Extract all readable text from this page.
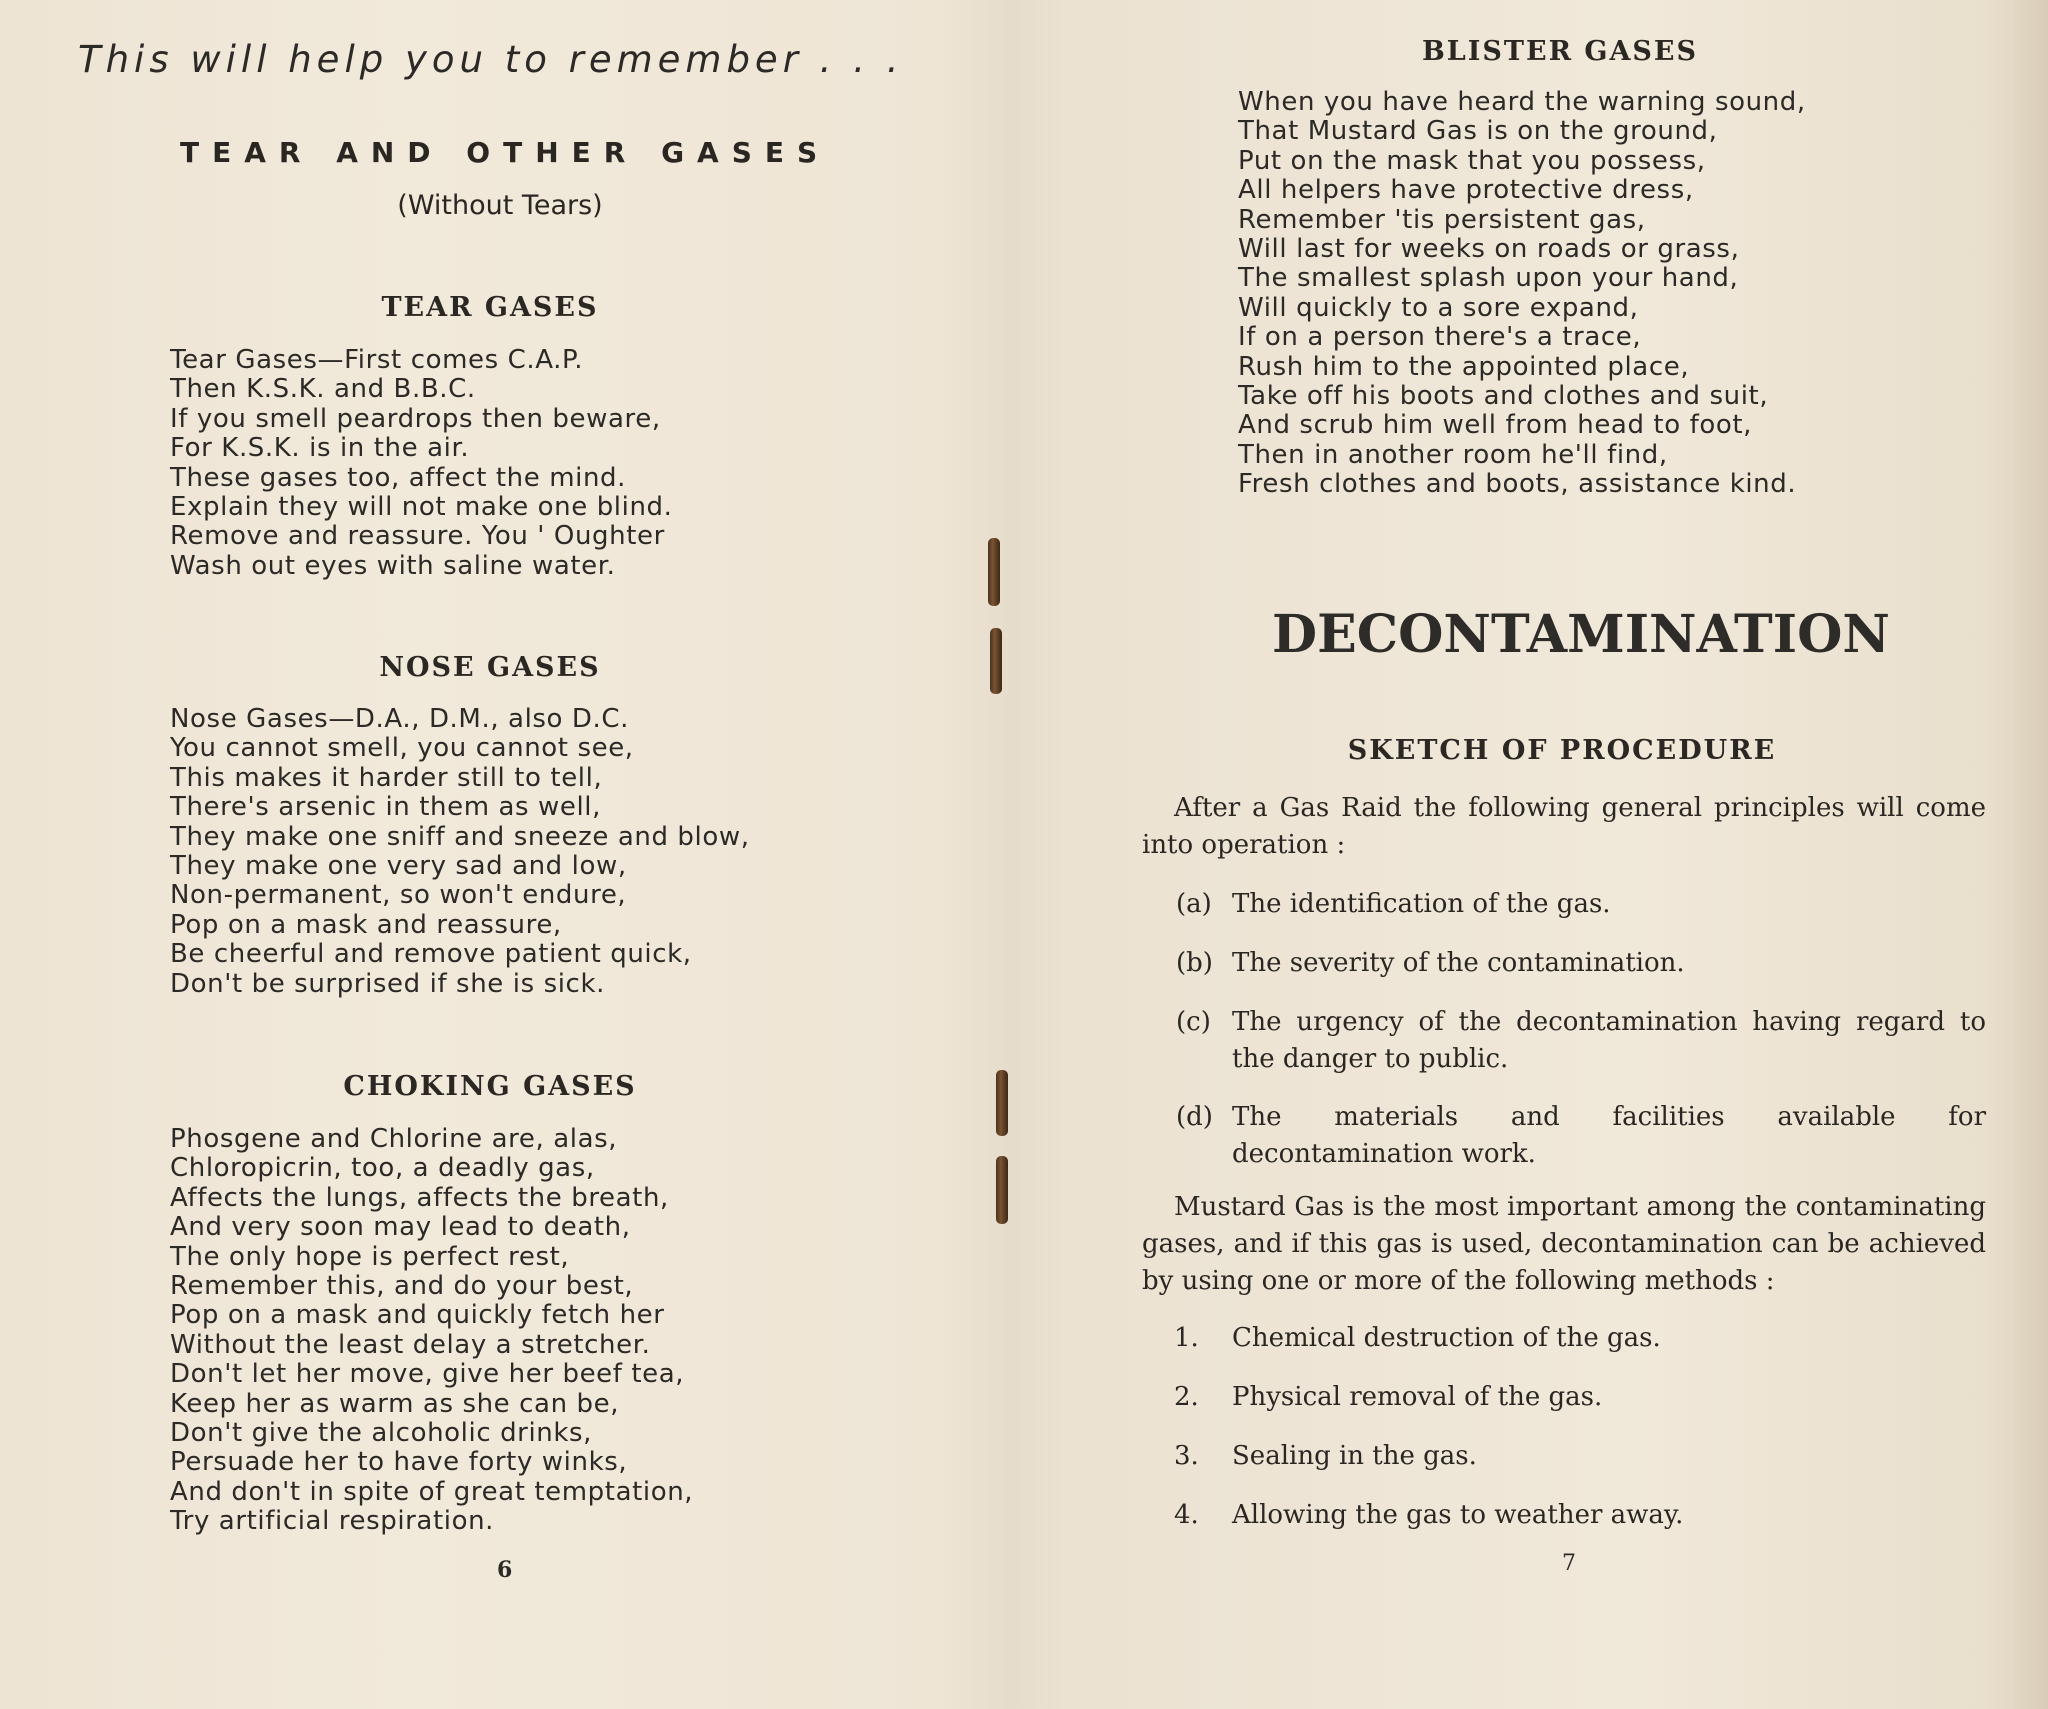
This will help you to remember . . .
TEAR AND OTHER GASES

(Without Tears)

TEAR GASES
Tear Gases—First comes C.A.P.
Then K.S.K. and B.B.C.
If you smell peardrops then beware,
For K.S.K. is in the air.
These gases too, affect the mind.
Explain they will not make one blind.
Remove and reassure. You ' Oughter
Wash out eyes with saline water.
NOSE GASES
Nose Gases—D.A., D.M., also D.C.
You cannot smell, you cannot see,
This makes it harder still to tell,
There's arsenic in them as well,
They make one sniff and sneeze and blow,
They make one very sad and low,
Non-permanent, so won't endure,
Pop on a mask and reassure,
Be cheerful and remove patient quick,
Don't be surprised if she is sick.
CHOKING GASES
Phosgene and Chlorine are, alas,
Chloropicrin, too, a deadly gas,
Affects the lungs, affects the breath,
And very soon may lead to death,
The only hope is perfect rest,
Remember this, and do your best,
Pop on a mask and quickly fetch her
Without the least delay a stretcher.
Don't let her move, give her beef tea,
Keep her as warm as she can be,
Don't give the alcoholic drinks,
Persuade her to have forty winks,
And don't in spite of great temptation,
Try artificial respiration.

6

BLISTER GASES
When you have heard the warning sound,
That Mustard Gas is on the ground,
Put on the mask that you possess,
All helpers have protective dress,
Remember 'tis persistent gas,
Will last for weeks on roads or grass,
The smallest splash upon your hand,
Will quickly to a sore expand,
If on a person there's a trace,
Rush him to the appointed place,
Take off his boots and clothes and suit,
And scrub him well from head to foot,
Then in another room he'll find,
Fresh clothes and boots, assistance kind.
DECONTAMINATION
SKETCH OF PROCEDURE

After a Gas Raid the following general principles will come into operation :

(a) The identification of the gas.
(b) The severity of the contamination.
(c) The urgency of the decontamination having regard to the danger to public.
(d) The materials and facilities available for decontamination work.

Mustard Gas is the most important among the contaminating gases, and if this gas is used, decontamination can be achieved by using one or more of the following methods :

1. Chemical destruction of the gas.
2. Physical removal of the gas.
3. Sealing in the gas.
4. Allowing the gas to weather away.

7
